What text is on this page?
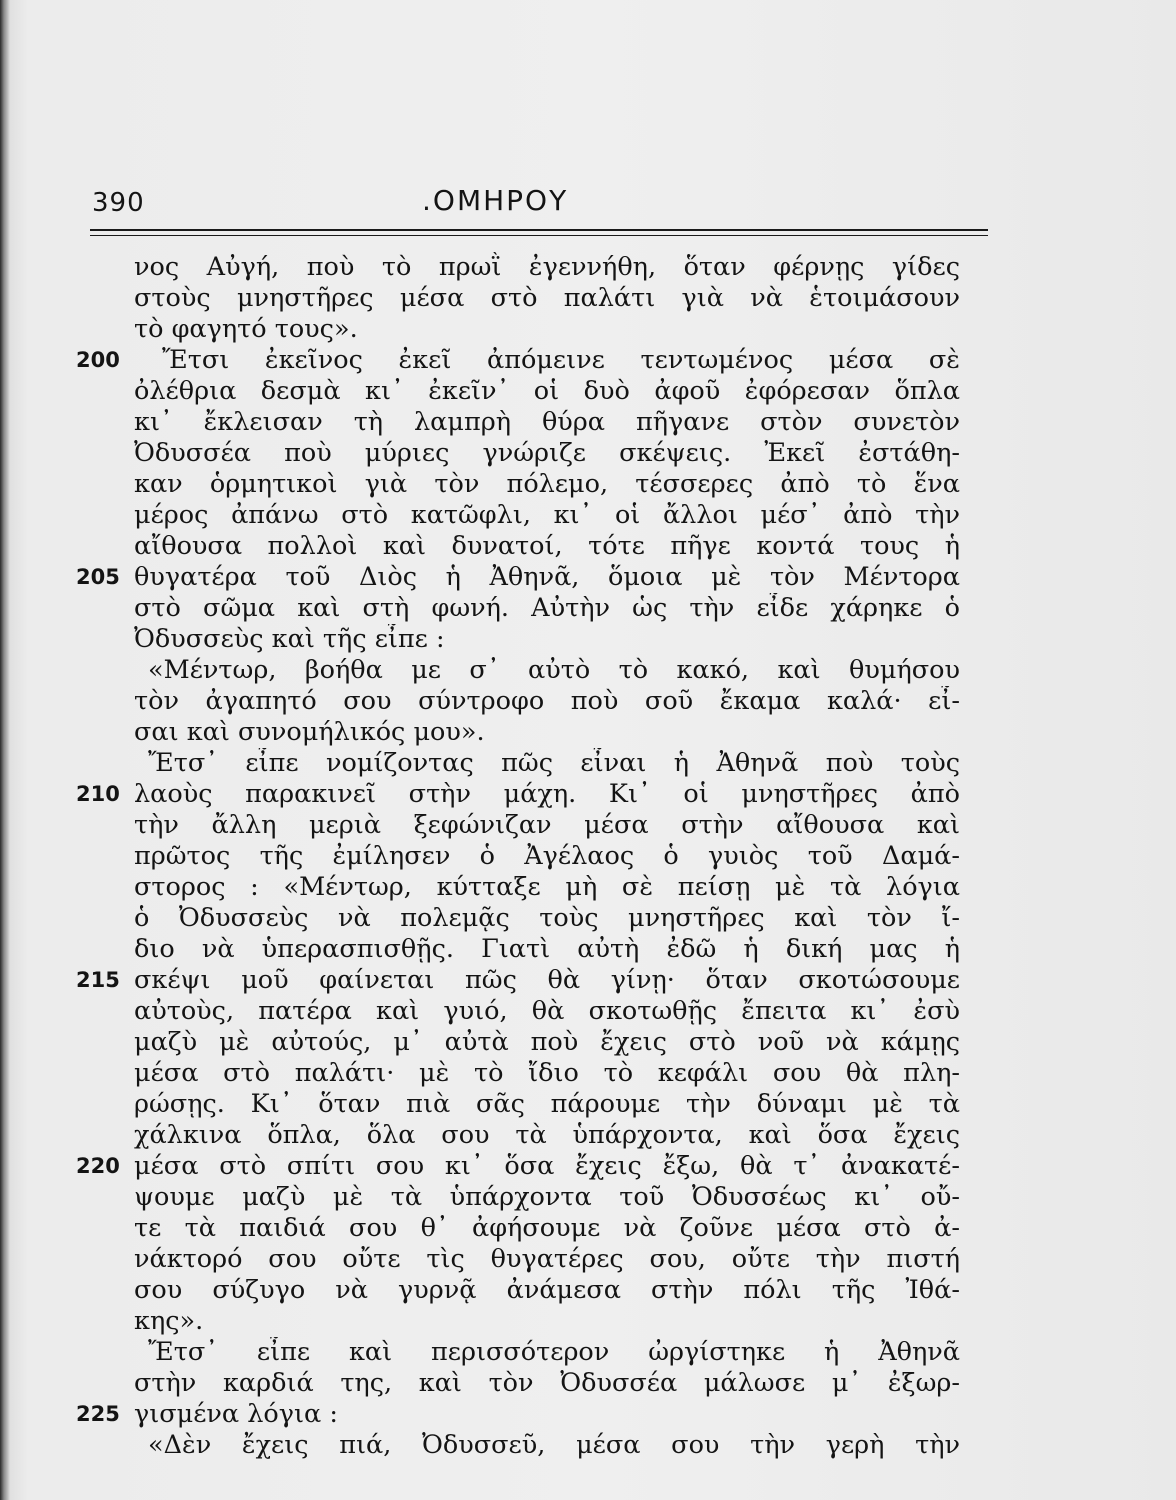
390	.ΟΜΗΡΟΥ
νος Αὐγή, ποὺ τὸ πρωῒ ἐγεννήθη, ὅταν φέρνῃς γίδες
στοὺς μνηστῆρες μέσα στὸ παλάτι γιὰ νὰ ἑτοιμάσουν
τὸ φαγητό τους».
200	Ἔτσι ἐκεῖνος ἐκεῖ ἀπόμεινε τεντωμένος μέσα σὲ
ὀλέθρια δεσμὰ κι᾽ ἐκεῖν᾽ οἱ δυὸ ἀφοῦ ἐφόρεσαν ὅπλα
κι᾽ ἔκλεισαν τὴ λαμπρὴ θύρα πῆγανε στὸν συνετὸν
Ὀδυσσέα ποὺ μύριες γνώριζε σκέψεις. Ἐκεῖ ἐστάθη-
καν ὁρμητικοὶ γιὰ τὸν πόλεμο, τέσσερες ἀπὸ τὸ ἕνα
μέρος ἀπάνω στὸ κατῶφλι, κι᾽ οἱ ἄλλοι μέσ᾽ ἀπὸ τὴν
αἴθουσα πολλοὶ καὶ δυνατοί, τότε πῆγε κοντά τους ἡ
205 θυγατέρα τοῦ Διὸς ἡ Ἀθηνᾶ, ὅμοια μὲ τὸν Μέντορα
στὸ σῶμα καὶ στὴ φωνή. Αὐτὴν ὡς τὴν εἶδε χάρηκε ὁ
Ὀδυσσεὺς καὶ τῆς εἶπε :
«Μέντωρ, βοήθα με σ᾽ αὐτὸ τὸ κακό, καὶ θυμήσου
τὸν ἀγαπητό σου σύντροφο ποὺ σοῦ ἔκαμα καλά· εἶ-
σαι καὶ συνομήλικός μου».
Ἔτσ᾽ εἶπε νομίζοντας πῶς εἶναι ἡ Ἀθηνᾶ ποὺ τοὺς
210 λαοὺς παρακινεῖ στὴν μάχη. Κι᾽ οἱ μνηστῆρες ἀπὸ
τὴν ἄλλη μεριὰ ξεφώνιζαν μέσα στὴν αἴθουσα καὶ
πρῶτος τῆς ἐμίλησεν ὁ Ἀγέλαος ὁ γυιὸς τοῦ Δαμά-
στορος : «Μέντωρ, κύτταξε μὴ σὲ πείσῃ μὲ τὰ λόγια
ὁ Ὀδυσσεὺς νὰ πολεμᾷς τοὺς μνηστῆρες καὶ τὸν ἴ-
διο νὰ ὑπερασπισθῇς. Γιατὶ αὐτὴ ἐδῶ ἡ δική μας ἡ
215 σκέψι μοῦ φαίνεται πῶς θὰ γίνῃ· ὅταν σκοτώσουμε
αὐτοὺς, πατέρα καὶ γυιό, θὰ σκοτωθῇς ἔπειτα κι᾽ ἐσὺ
μαζὺ μὲ αὐτούς, μ᾽ αὐτὰ ποὺ ἔχεις στὸ νοῦ νὰ κάμῃς
μέσα στὸ παλάτι· μὲ τὸ ἴδιο τὸ κεφάλι σου θὰ πλη-
ρώσῃς. Κι᾽ ὅταν πιὰ σᾶς πάρουμε τὴν δύναμι μὲ τὰ
χάλκινα ὅπλα, ὅλα σου τὰ ὑπάρχοντα, καὶ ὅσα ἔχεις
220 μέσα στὸ σπίτι σου κι᾽ ὅσα ἔχεις ἔξω, θὰ τ᾽ ἀνακατέ-
ψουμε μαζὺ μὲ τὰ ὑπάρχοντα τοῦ Ὀδυσσέως κι᾽ οὔ-
τε τὰ παιδιά σου θ᾽ ἀφήσουμε νὰ ζοῦνε μέσα στὸ ἀ-
νάκτορό σου οὔτε τὶς θυγατέρες σου, οὔτε τὴν πιστή
σου σύζυγο νὰ γυρνᾷ ἀνάμεσα στὴν πόλι τῆς Ἰθά-
κης».
Ἔτσ᾽ εἶπε καὶ περισσότερον ὠργίστηκε ἡ Ἀθηνᾶ
στὴν καρδιά της, καὶ τὸν Ὀδυσσέα μάλωσε μ᾽ ἐξωρ-
225 γισμένα λόγια :
«Δὲν ἔχεις πιά, Ὀδυσσεῦ, μέσα σου τὴν γερὴ τὴν
